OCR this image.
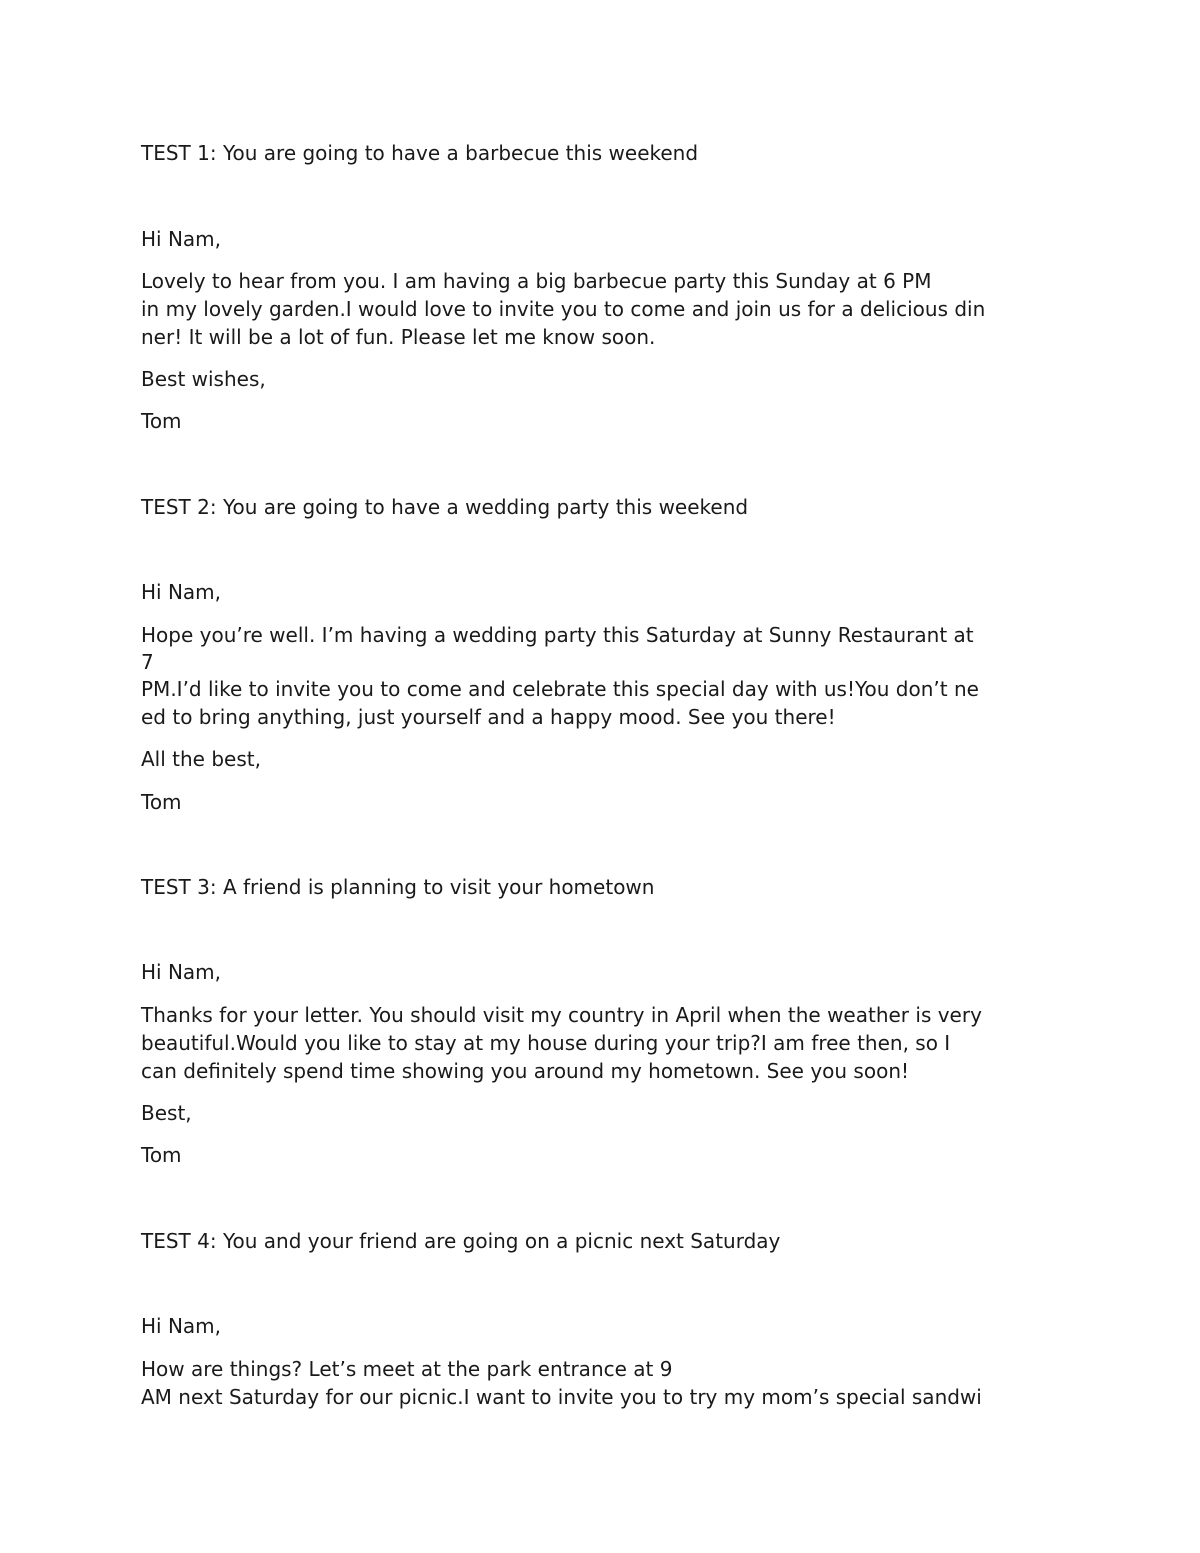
TEST 1: You are going to have a barbecue this weekend
Hi Nam,
Lovely to hear from you. I am having a big barbecue party this Sunday at 6 PM
in my lovely garden.I would love to invite you to come and join us for a delicious din
ner! It will be a lot of fun. Please let me know soon.
Best wishes,
Tom
TEST 2: You are going to have a wedding party this weekend
Hi Nam,
Hope you’re well. I’m having a wedding party this Saturday at Sunny Restaurant at
7
PM.I’d like to invite you to come and celebrate this special day with us!You don’t ne
ed to bring anything, just yourself and a happy mood. See you there!
All the best,
Tom
TEST 3: A friend is planning to visit your hometown
Hi Nam,
Thanks for your letter. You should visit my country in April when the weather is very
beautiful.Would you like to stay at my house during your trip?I am free then, so I
can definitely spend time showing you around my hometown. See you soon!
Best,
Tom
TEST 4: You and your friend are going on a picnic next Saturday
Hi Nam,
How are things? Let’s meet at the park entrance at 9
AM next Saturday for our picnic.I want to invite you to try my mom’s special sandwi
